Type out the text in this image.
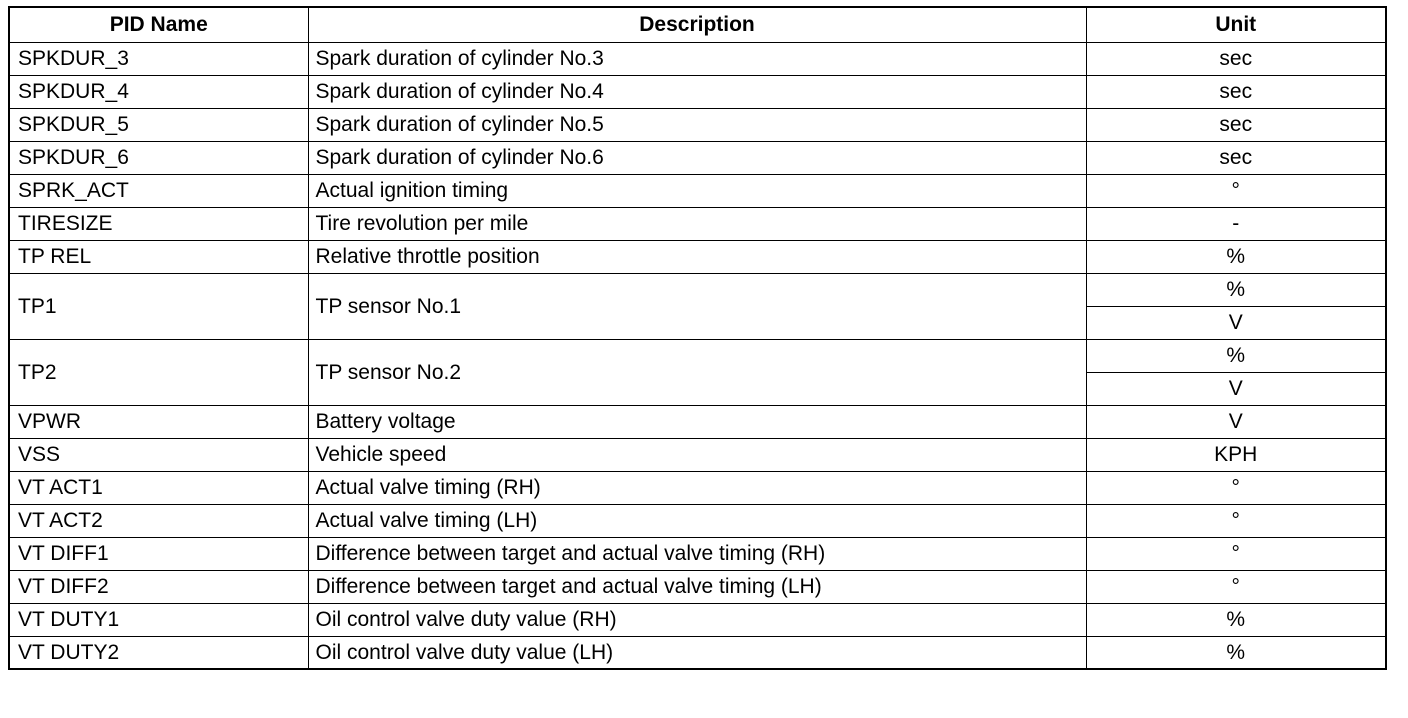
PID Name	Description	Unit
SPKDUR_3	Spark duration of cylinder No.3	sec
SPKDUR_4	Spark duration of cylinder No.4	sec
SPKDUR_5	Spark duration of cylinder No.5	sec
SPKDUR_6	Spark duration of cylinder No.6	sec
SPRK_ACT	Actual ignition timing	°
TIRESIZE	Tire revolution per mile	-
TP REL	Relative throttle position	%
TP1	TP sensor No.1	%
		V
TP2	TP sensor No.2	%
		V
VPWR	Battery voltage	V
VSS	Vehicle speed	KPH
VT ACT1	Actual valve timing (RH)	°
VT ACT2	Actual valve timing (LH)	°
VT DIFF1	Difference between target and actual valve timing (RH)	°
VT DIFF2	Difference between target and actual valve timing (LH)	°
VT DUTY1	Oil control valve duty value (RH)	%
VT DUTY2	Oil control valve duty value (LH)	%
